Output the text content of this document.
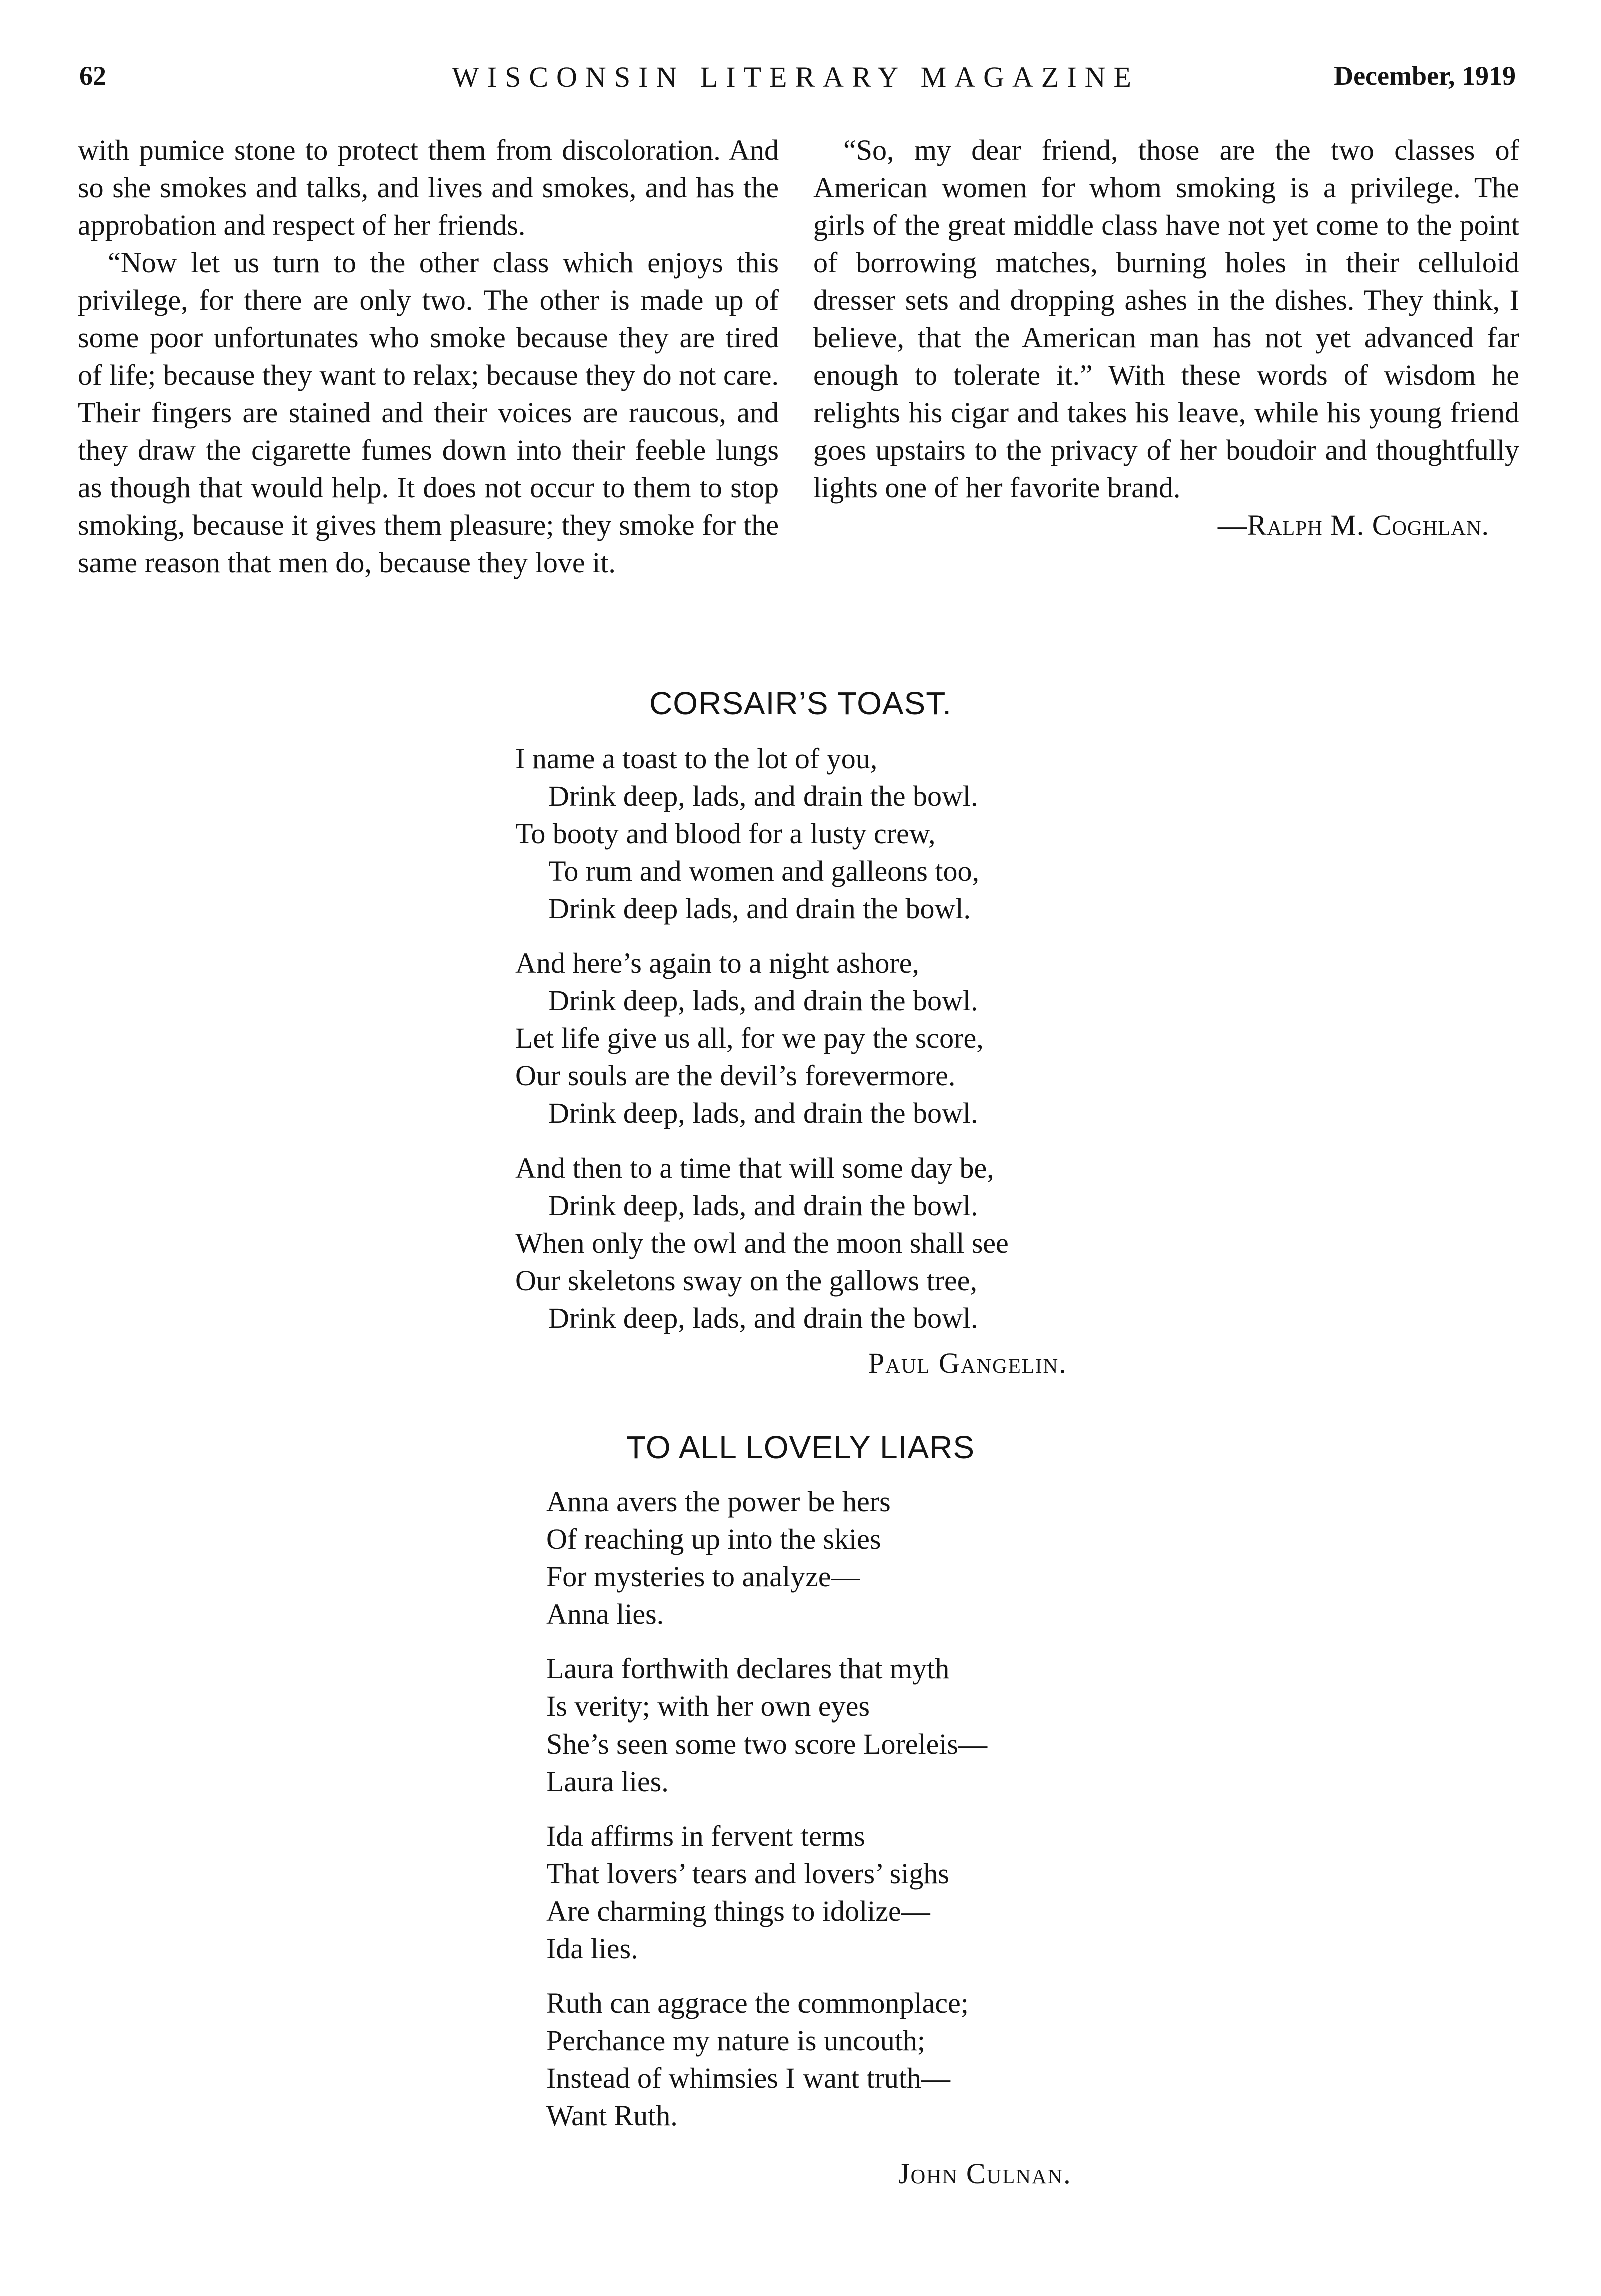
62	WISCONSIN LITERARY MAGAZINE	December, 1919

with pumice stone to protect them from discoloration. And so she smokes and talks, and lives and smokes, and has the approbation and respect of her friends.

“Now let us turn to the other class which enjoys this privilege, for there are only two. The other is made up of some poor unfortunates who smoke because they are tired of life; because they want to relax; because they do not care. Their fingers are stained and their voices are raucous, and they draw the cigarette fumes down into their feeble lungs as though that would help. It does not occur to them to stop smoking, because it gives them pleasure; they smoke for the same reason that men do, because they love it.

“So, my dear friend, those are the two classes of American women for whom smoking is a privilege. The girls of the great middle class have not yet come to the point of borrowing matches, burning holes in their celluloid dresser sets and dropping ashes in the dishes. They think, I believe, that the American man has not yet advanced far enough to tolerate it.” With these words of wisdom he relights his cigar and takes his leave, while his young friend goes upstairs to the privacy of her boudoir and thoughtfully lights one of her favorite brand.

—Ralph M. Coghlan.

CORSAIR’S TOAST.
I name a toast to the lot of you,
Drink deep, lads, and drain the bowl.
To booty and blood for a lusty crew,
To rum and women and galleons too,
Drink deep lads, and drain the bowl.
And here’s again to a night ashore,
Drink deep, lads, and drain the bowl.
Let life give us all, for we pay the score,
Our souls are the devil’s forevermore.
Drink deep, lads, and drain the bowl.
And then to a time that will some day be,
Drink deep, lads, and drain the bowl.
When only the owl and the moon shall see
Our skeletons sway on the gallows tree,
Drink deep, lads, and drain the bowl.
Paul Gangelin.
TO ALL LOVELY LIARS
Anna avers the power be hers
Of reaching up into the skies
For mysteries to analyze—
Anna lies.
Laura forthwith declares that myth
Is verity; with her own eyes
She’s seen some two score Loreleis—
Laura lies.
Ida affirms in fervent terms
That lovers’ tears and lovers’ sighs
Are charming things to idolize—
Ida lies.
Ruth can aggrace the commonplace;
Perchance my nature is uncouth;
Instead of whimsies I want truth—
Want Ruth.
John Culnan.
